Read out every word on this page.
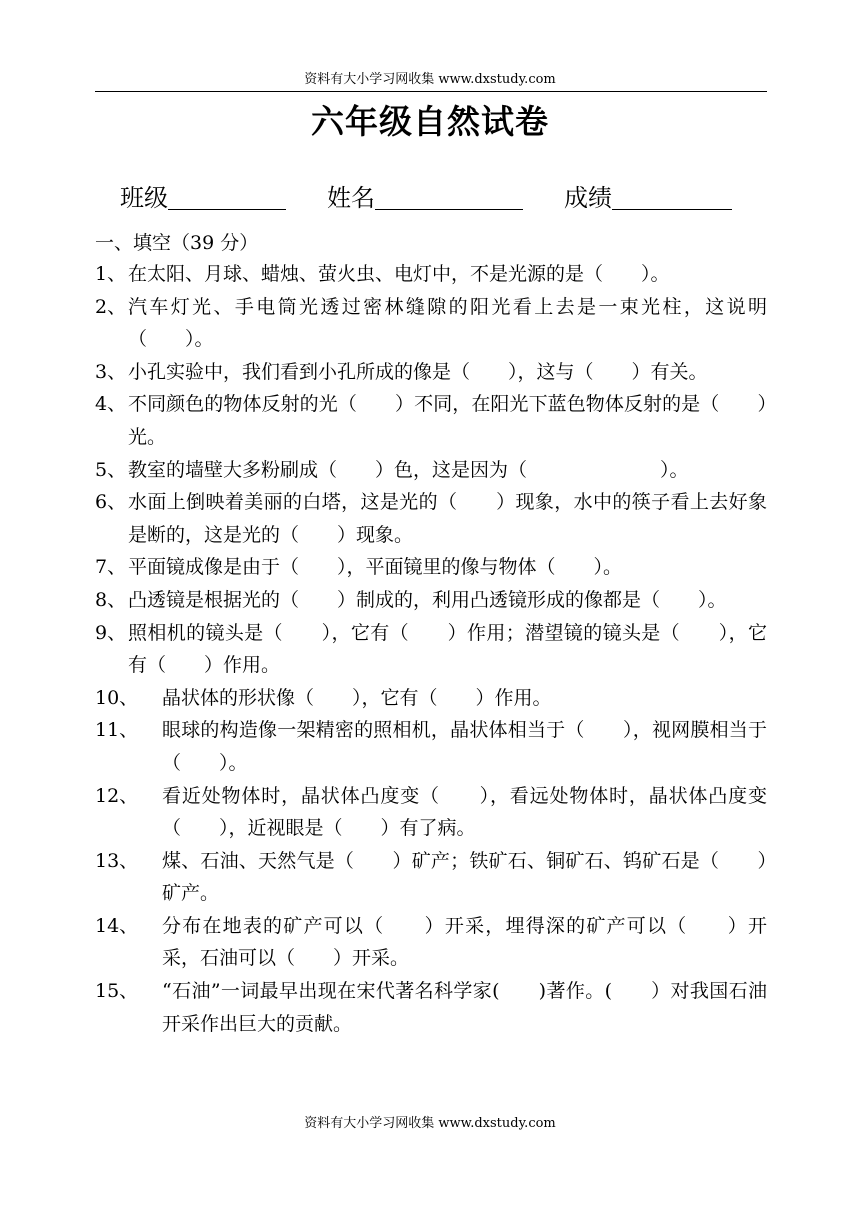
资料有大小学习网收集 www.dxstudy.com
六年级自然试卷
班级	姓名	成绩
一、填空（39 分）
1、 在太阳、月球、蜡烛、萤火虫、电灯中，不是光源的是（　　）。
2、 汽车灯光、手电筒光透过密林缝隙的阳光看上去是一束光柱，这说明（　　）。
3、 小孔实验中，我们看到小孔所成的像是（　　），这与（　　）有关。
4、 不同颜色的物体反射的光（　　）不同，在阳光下蓝色物体反射的是（　　）光。
5、 教室的墙壁大多粉刷成（　　）色，这是因为（　　　　　　　）。
6、 水面上倒映着美丽的白塔，这是光的（　　）现象，水中的筷子看上去好象是断的，这是光的（　　）现象。
7、 平面镜成像是由于（　　），平面镜里的像与物体（　　）。
8、 凸透镜是根据光的（　　）制成的，利用凸透镜形成的像都是（　　）。
9、 照相机的镜头是（　　），它有（　　）作用；潜望镜的镜头是（　　），它有（　　）作用。
10、	晶状体的形状像（　　），它有（　　）作用。
11、	眼球的构造像一架精密的照相机，晶状体相当于（　　），视网膜相当于（　　）。
12、	看近处物体时，晶状体凸度变（　　），看远处物体时，晶状体凸度变（　　），近视眼是（　　）有了病。
13、	煤、石油、天然气是（　　）矿产；铁矿石、铜矿石、钨矿石是（　　）矿产。
14、	分布在地表的矿产可以（　　）开采，埋得深的矿产可以（　　）开采，石油可以（　　）开采。
15、	“石油”一词最早出现在宋代著名科学家(　　)著作。(　　）对我国石油开采作出巨大的贡献。
资料有大小学习网收集 www.dxstudy.com
